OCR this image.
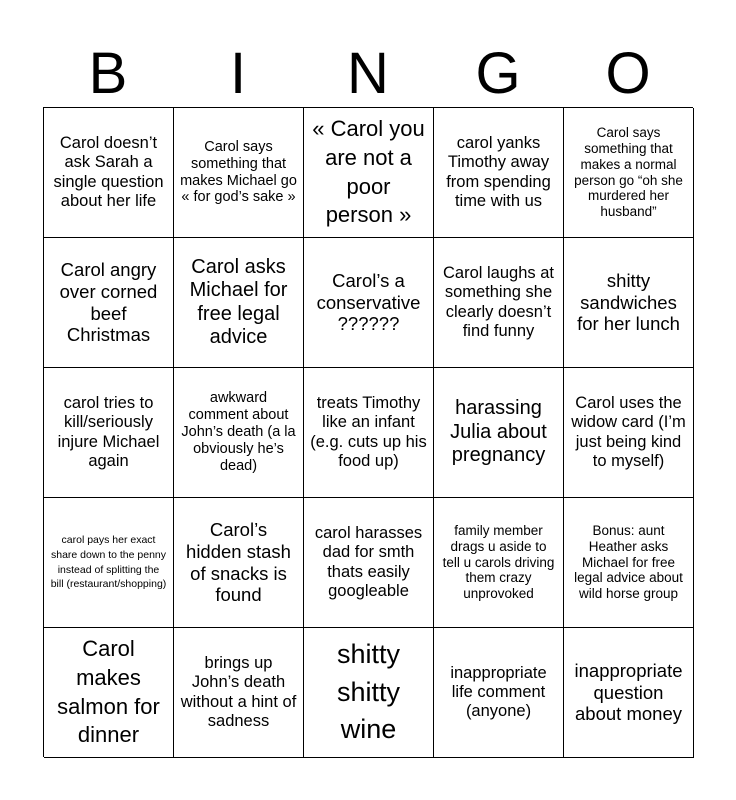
B	I	N	G	O
Carol doesn’t ask Sarah a single question about her life
Carol says something that makes Michael go « for god’s sake »
« Carol you are not a poor person »
carol yanks Timothy away from spending time with us
Carol says something that makes a normal person go “oh she murdered her husband”
Carol angry over corned beef Christmas
Carol asks Michael for free legal advice
Carol’s a conservative ??????
Carol laughs at something she clearly doesn’t find funny
shitty sandwiches for her lunch
carol tries to kill/seriously injure Michael again
awkward comment about John’s death (a la obviously he’s dead)
treats Timothy like an infant (e.g. cuts up his food up)
harassing Julia about pregnancy
Carol uses the widow card (I’m just being kind to myself)
carol pays her exact share down to the penny instead of splitting the bill (restaurant/shopping)
Carol’s hidden stash of snacks is found
carol harasses dad for smth thats easily googleable
family member drags u aside to tell u carols driving them crazy unprovoked
Bonus: aunt Heather asks Michael for free legal advice about wild horse group
Carol makes salmon for dinner
brings up John’s death without a hint of sadness
shitty shitty wine
inappropriate life comment (anyone)
inappropriate question about money
